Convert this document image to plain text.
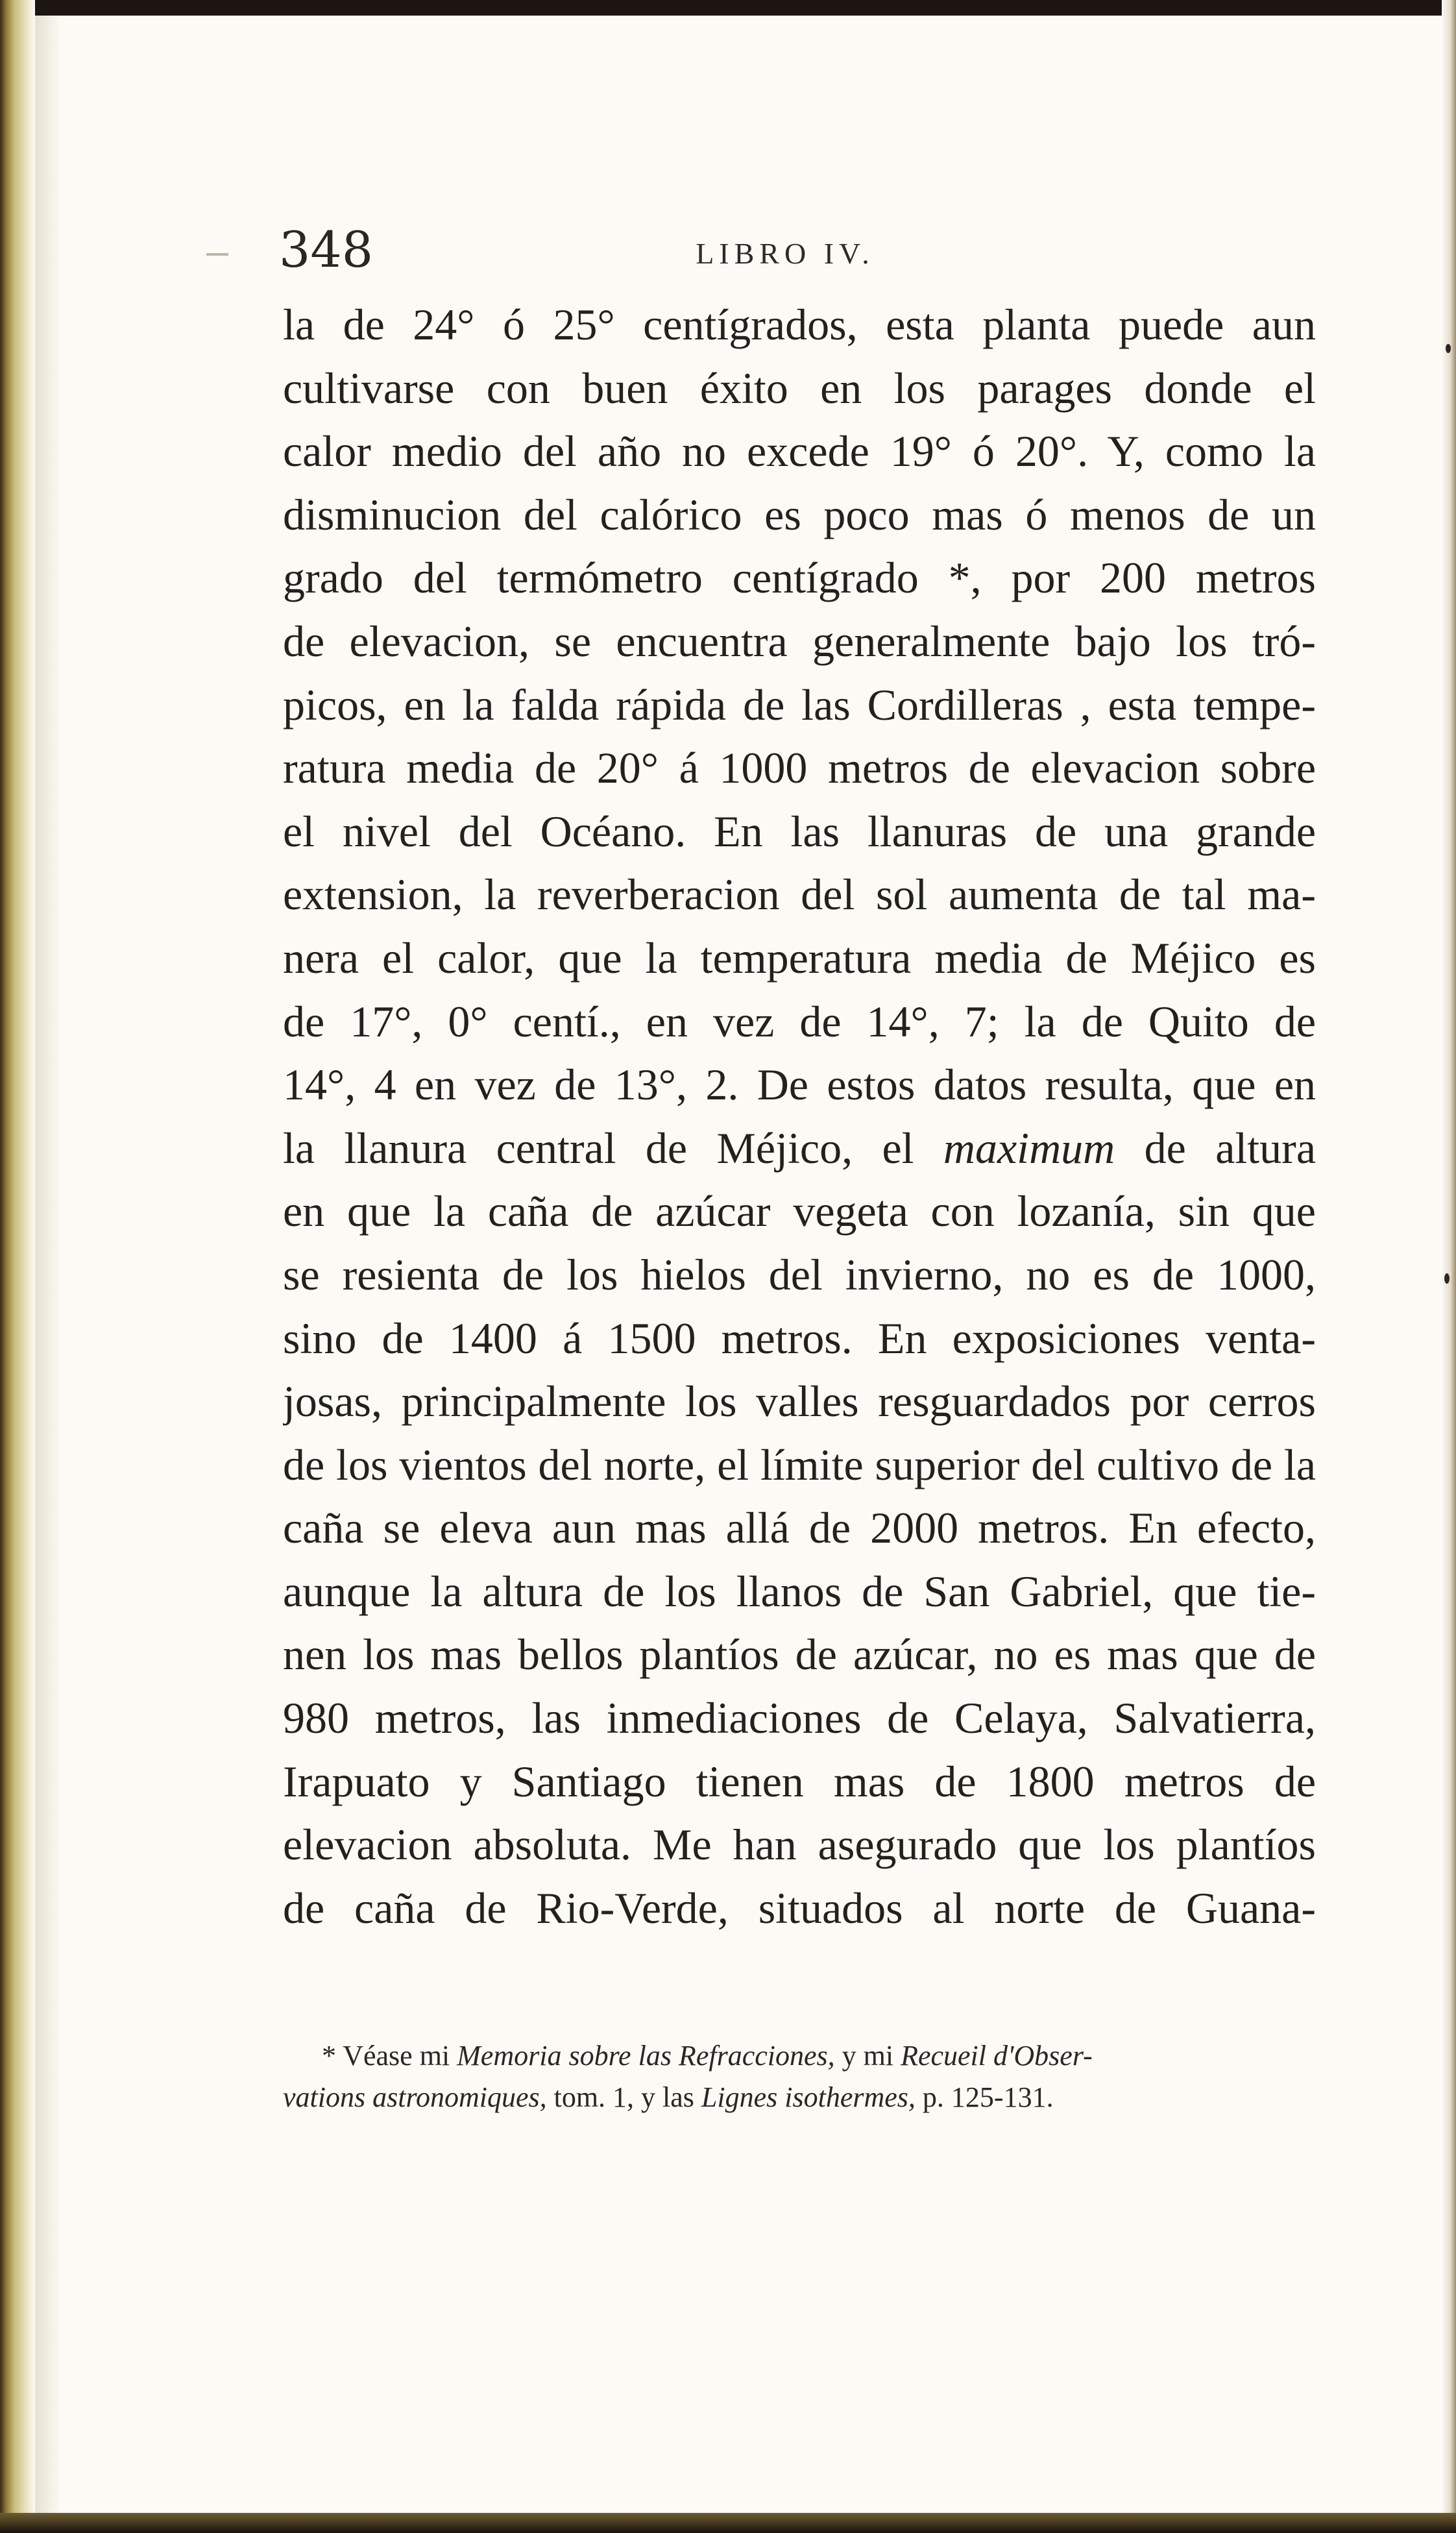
348	LIBRO IV.
la de 24° ó 25° centígrados, esta planta puede aun
cultivarse con buen éxito en los parages donde el
calor medio del año no excede 19° ó 20°. Y, como la
disminucion del calórico es poco mas ó menos de un
grado del termómetro centígrado *, por 200 metros
de elevacion, se encuentra generalmente bajo los tró-
picos, en la falda rápida de las Cordilleras , esta tempe-
ratura media de 20° á 1000 metros de elevacion sobre
el nivel del Océano. En las llanuras de una grande
extension, la reverberacion del sol aumenta de tal ma-
nera el calor, que la temperatura media de Méjico es
de 17°, 0° centí., en vez de 14°, 7; la de Quito de
14°, 4 en vez de 13°, 2. De estos datos resulta, que en
la llanura central de Méjico, el maximum de altura
en que la caña de azúcar vegeta con lozanía, sin que
se resienta de los hielos del invierno, no es de 1000,
sino de 1400 á 1500 metros. En exposiciones venta-
josas, principalmente los valles resguardados por cerros
de los vientos del norte, el límite superior del cultivo de la
caña se eleva aun mas allá de 2000 metros. En efecto,
aunque la altura de los llanos de San Gabriel, que tie-
nen los mas bellos plantíos de azúcar, no es mas que de
980 metros, las inmediaciones de Celaya, Salvatierra,
Irapuato y Santiago tienen mas de 1800 metros de
elevacion absoluta. Me han asegurado que los plantíos
de caña de Rio-Verde, situados al norte de Guana-
* Véase mi Memoria sobre las Refracciones, y mi Recueil d'Obser-
vations astronomiques, tom. 1, y las Lignes isothermes, p. 125-131.
